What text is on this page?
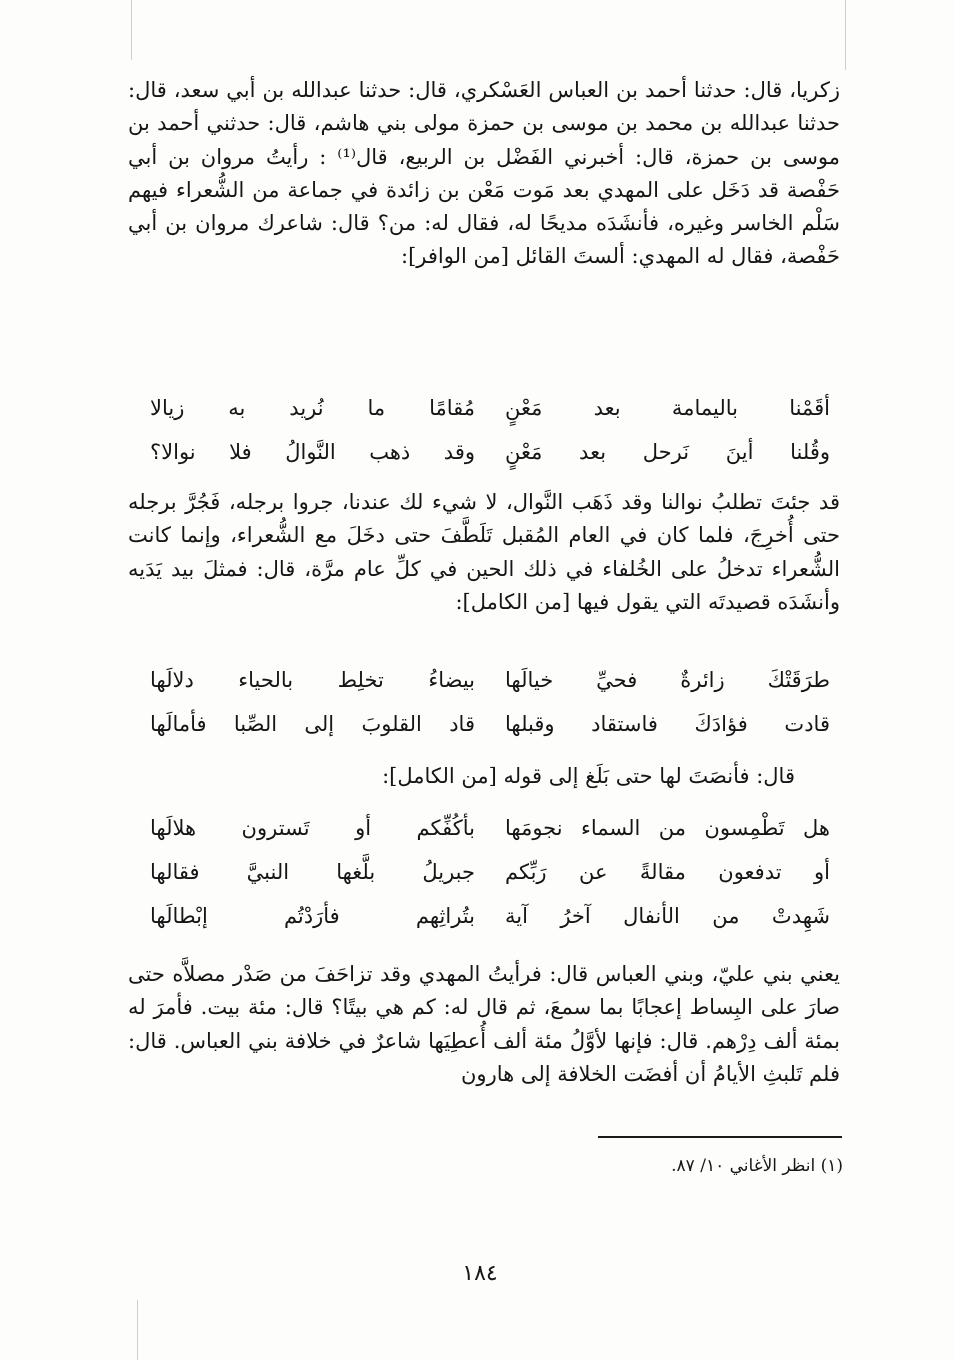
زكريا، قال: حدثنا أحمد بن العباس العَسْكري، قال: حدثنا عبدالله بن أبي سعد، قال: حدثنا عبدالله بن محمد بن موسى بن حمزة مولى بني هاشم، قال: حدثني أحمد بن موسى بن حمزة، قال: أخبرني الفَضْل بن الربيع، قال⁽¹⁾ : رأيتُ مروان بن أبي حَفْصة قد دَخَل على المهدي بعد مَوت مَعْن بن زائدة في جماعة من الشُّعراء فيهم سَلْم الخاسر وغيره، فأنشَدَه مديحًا له، فقال له: من؟ قال: شاعرك مروان بن أبي حَفْصة، فقال له المهدي: ألستَ القائل [من الوافر]:

أقَمْنا باليمامة بعد مَعْنٍ
مُقامًا ما نُريد به زيالا
وقُلنا أينَ نَرحل بعد مَعْنٍ
وقد ذهب النَّوالُ فلا نوالا؟

قد جئتَ تطلبُ نوالنا وقد ذَهَب النَّوال، لا شيء لك عندنا، جروا برجله، فَجُرَّ برجله حتى أُخرِجَ، فلما كان في العام المُقبل تَلَطَّفَ حتى دخَلَ مع الشُّعراء، وإنما كانت الشُّعراء تدخلُ على الخُلفاء في ذلك الحين في كلِّ عام مرَّة، قال: فمثلَ بيد يَدَيه وأنشَدَه قصيدتَه التي يقول فيها [من الكامل]:

طرَقَتْكَ زائرةٌ فحيِّ خيالَها
بيضاءُ تخلِط بالحياء دلالَها
قادت فؤادَكَ فاستقاد وقبلها
قاد القلوبَ إلى الصِّبا فأمالَها
قال: فأنصَتَ لها حتى بَلَغ إلى قوله [من الكامل]:
هل تَطْمِسون من السماء نجومَها
بأكُفِّكم أو تَسترون هلالَها
أو تدفعون مقالةً عن رَبِّكم
جبريلُ بلَّغها النبيَّ فقالها
شَهِدتْ من الأنفال آخرُ آية
بتُراثِهم فأرَدْتُم إبْطالَها

يعني بني عليّ، وبني العباس قال: فرأيتُ المهدي وقد تزاحَفَ من صَدْر مصلاَّه حتى صارَ على البِساط إعجابًا بما سمعَ، ثم قال له: كم هي بيتًا؟ قال: مئة بيت. فأمرَ له بمئة ألف دِرْهم. قال: فإنها لأوَّلُ مئة ألف أُعطِيَها شاعرٌ في خلافة بني العباس. قال: فلم تَلبثِ الأيامُ أن أفضَت الخلافة إلى هارون

(١) انظر الأغاني ١٠/ ٨٧.
١٨٤
